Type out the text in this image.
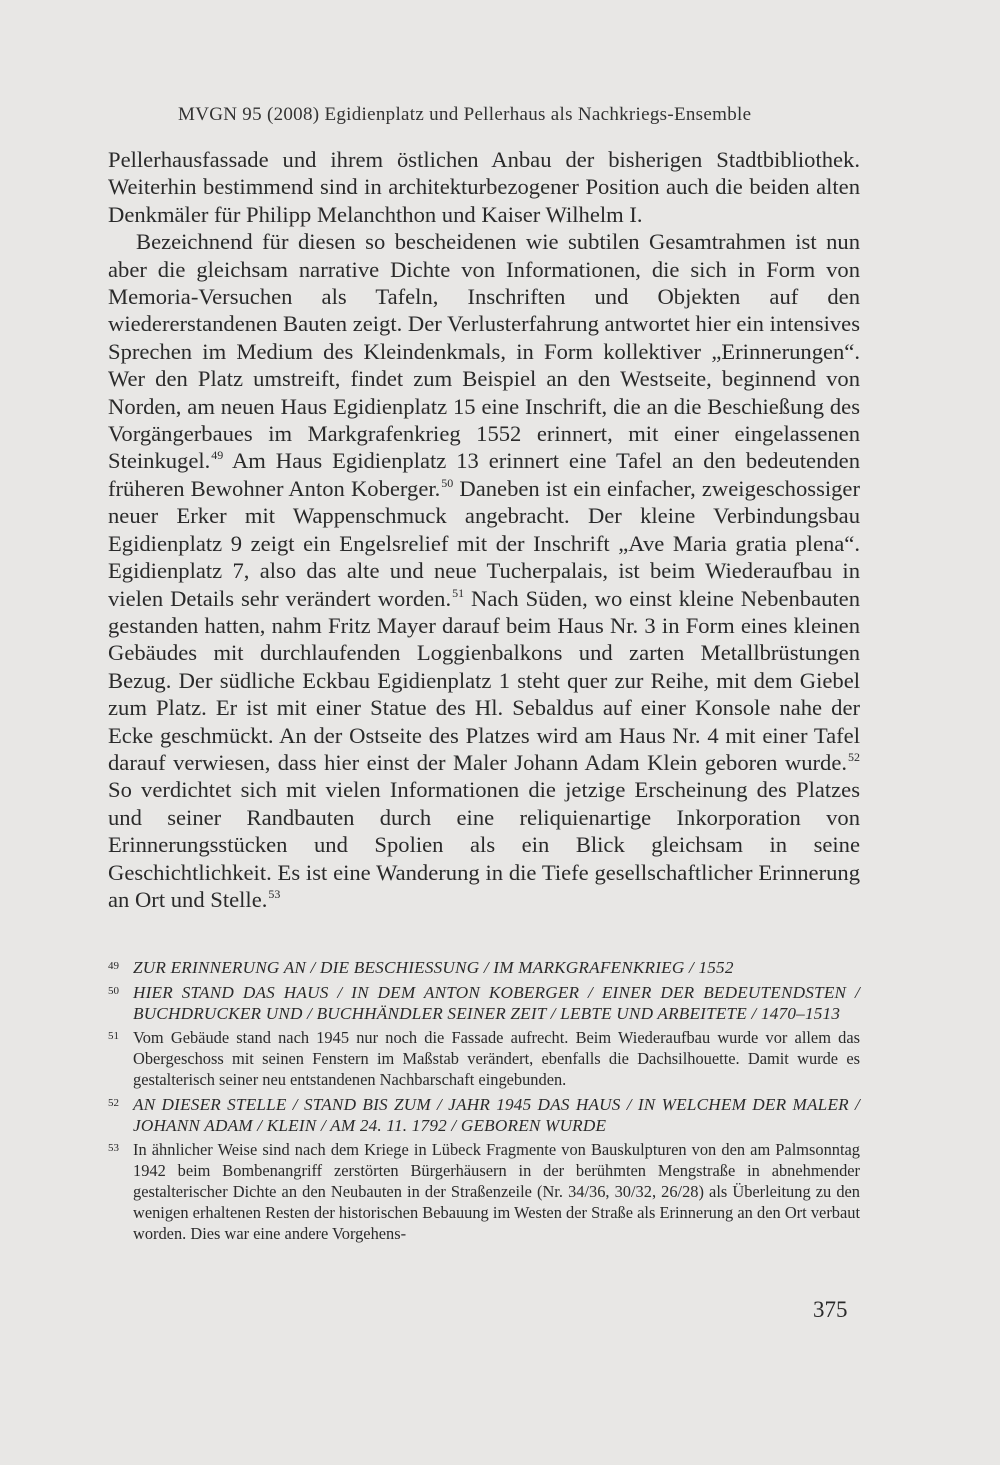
MVGN 95 (2008) Egidienplatz und Pellerhaus als Nachkriegs-Ensemble

Pellerhausfassade und ihrem östlichen Anbau der bisherigen Stadtbibliothek. Weiterhin bestimmend sind in architekturbezogener Position auch die beiden alten Denkmäler für Philipp Melanchthon und Kaiser Wilhelm I.

Bezeichnend für diesen so bescheidenen wie subtilen Gesamtrahmen ist nun aber die gleichsam narrative Dichte von Informationen, die sich in Form von Memoria-Versuchen als Tafeln, Inschriften und Objekten auf den wiedererstandenen Bauten zeigt. Der Verlusterfahrung antwortet hier ein intensives Sprechen im Medium des Kleindenkmals, in Form kollektiver „Erinnerungen“. Wer den Platz umstreift, findet zum Beispiel an den Westseite, beginnend von Norden, am neuen Haus Egidienplatz 15 eine Inschrift, die an die Beschießung des Vorgängerbaues im Markgrafenkrieg 1552 erinnert, mit einer eingelassenen Steinkugel.$^{49}$ Am Haus Egidienplatz 13 erinnert eine Tafel an den bedeutenden früheren Bewohner Anton Koberger.$^{50}$ Daneben ist ein einfacher, zweigeschossiger neuer Erker mit Wappenschmuck angebracht. Der kleine Verbindungsbau Egidienplatz 9 zeigt ein Engelsrelief mit der Inschrift „Ave Maria gratia plena“. Egidienplatz 7, also das alte und neue Tucherpalais, ist beim Wiederaufbau in vielen Details sehr verändert worden.$^{51}$ Nach Süden, wo einst kleine Nebenbauten gestanden hatten, nahm Fritz Mayer darauf beim Haus Nr. 3 in Form eines kleinen Gebäudes mit durchlaufenden Loggienbalkons und zarten Metallbrüstungen Bezug. Der südliche Eckbau Egidienplatz 1 steht quer zur Reihe, mit dem Giebel zum Platz. Er ist mit einer Statue des Hl. Sebaldus auf einer Konsole nahe der Ecke geschmückt. An der Ostseite des Platzes wird am Haus Nr. 4 mit einer Tafel darauf verwiesen, dass hier einst der Maler Johann Adam Klein geboren wurde.$^{52}$ So verdichtet sich mit vielen Informationen die jetzige Erscheinung des Platzes und seiner Randbauten durch eine reliquienartige Inkorporation von Erinnerungsstücken und Spolien als ein Blick gleichsam in seine Geschichtlichkeit. Es ist eine Wanderung in die Tiefe gesellschaftlicher Erinnerung an Ort und Stelle.$^{53}$

49 ZUR ERINNERUNG AN / DIE BESCHIESSUNG / IM MARKGRAFENKRIEG / 1552
50 HIER STAND DAS HAUS / IN DEM ANTON KOBERGER / EINER DER BEDEUTENDSTEN / BUCHDRUCKER UND / BUCHHÄNDLER SEINER ZEIT / LEBTE UND ARBEITETE / 1470–1513
51 Vom Gebäude stand nach 1945 nur noch die Fassade aufrecht. Beim Wiederaufbau wurde vor allem das Obergeschoss mit seinen Fenstern im Maßstab verändert, ebenfalls die Dachsilhouette. Damit wurde es gestalterisch seiner neu entstandenen Nachbarschaft eingebunden.
52 AN DIESER STELLE / STAND BIS ZUM / JAHR 1945 DAS HAUS / IN WELCHEM DER MALER / JOHANN ADAM / KLEIN / AM 24. 11. 1792 / GEBOREN WURDE
53 In ähnlicher Weise sind nach dem Kriege in Lübeck Fragmente von Bauskulpturen von den am Palmsonntag 1942 beim Bombenangriff zerstörten Bürgerhäusern in der berühmten Mengstraße in abnehmender gestalterischer Dichte an den Neubauten in der Straßenzeile (Nr. 34/36, 30/32, 26/28) als Überleitung zu den wenigen erhaltenen Resten der historischen Bebauung im Westen der Straße als Erinnerung an den Ort verbaut worden. Dies war eine andere Vorgehens-
375
